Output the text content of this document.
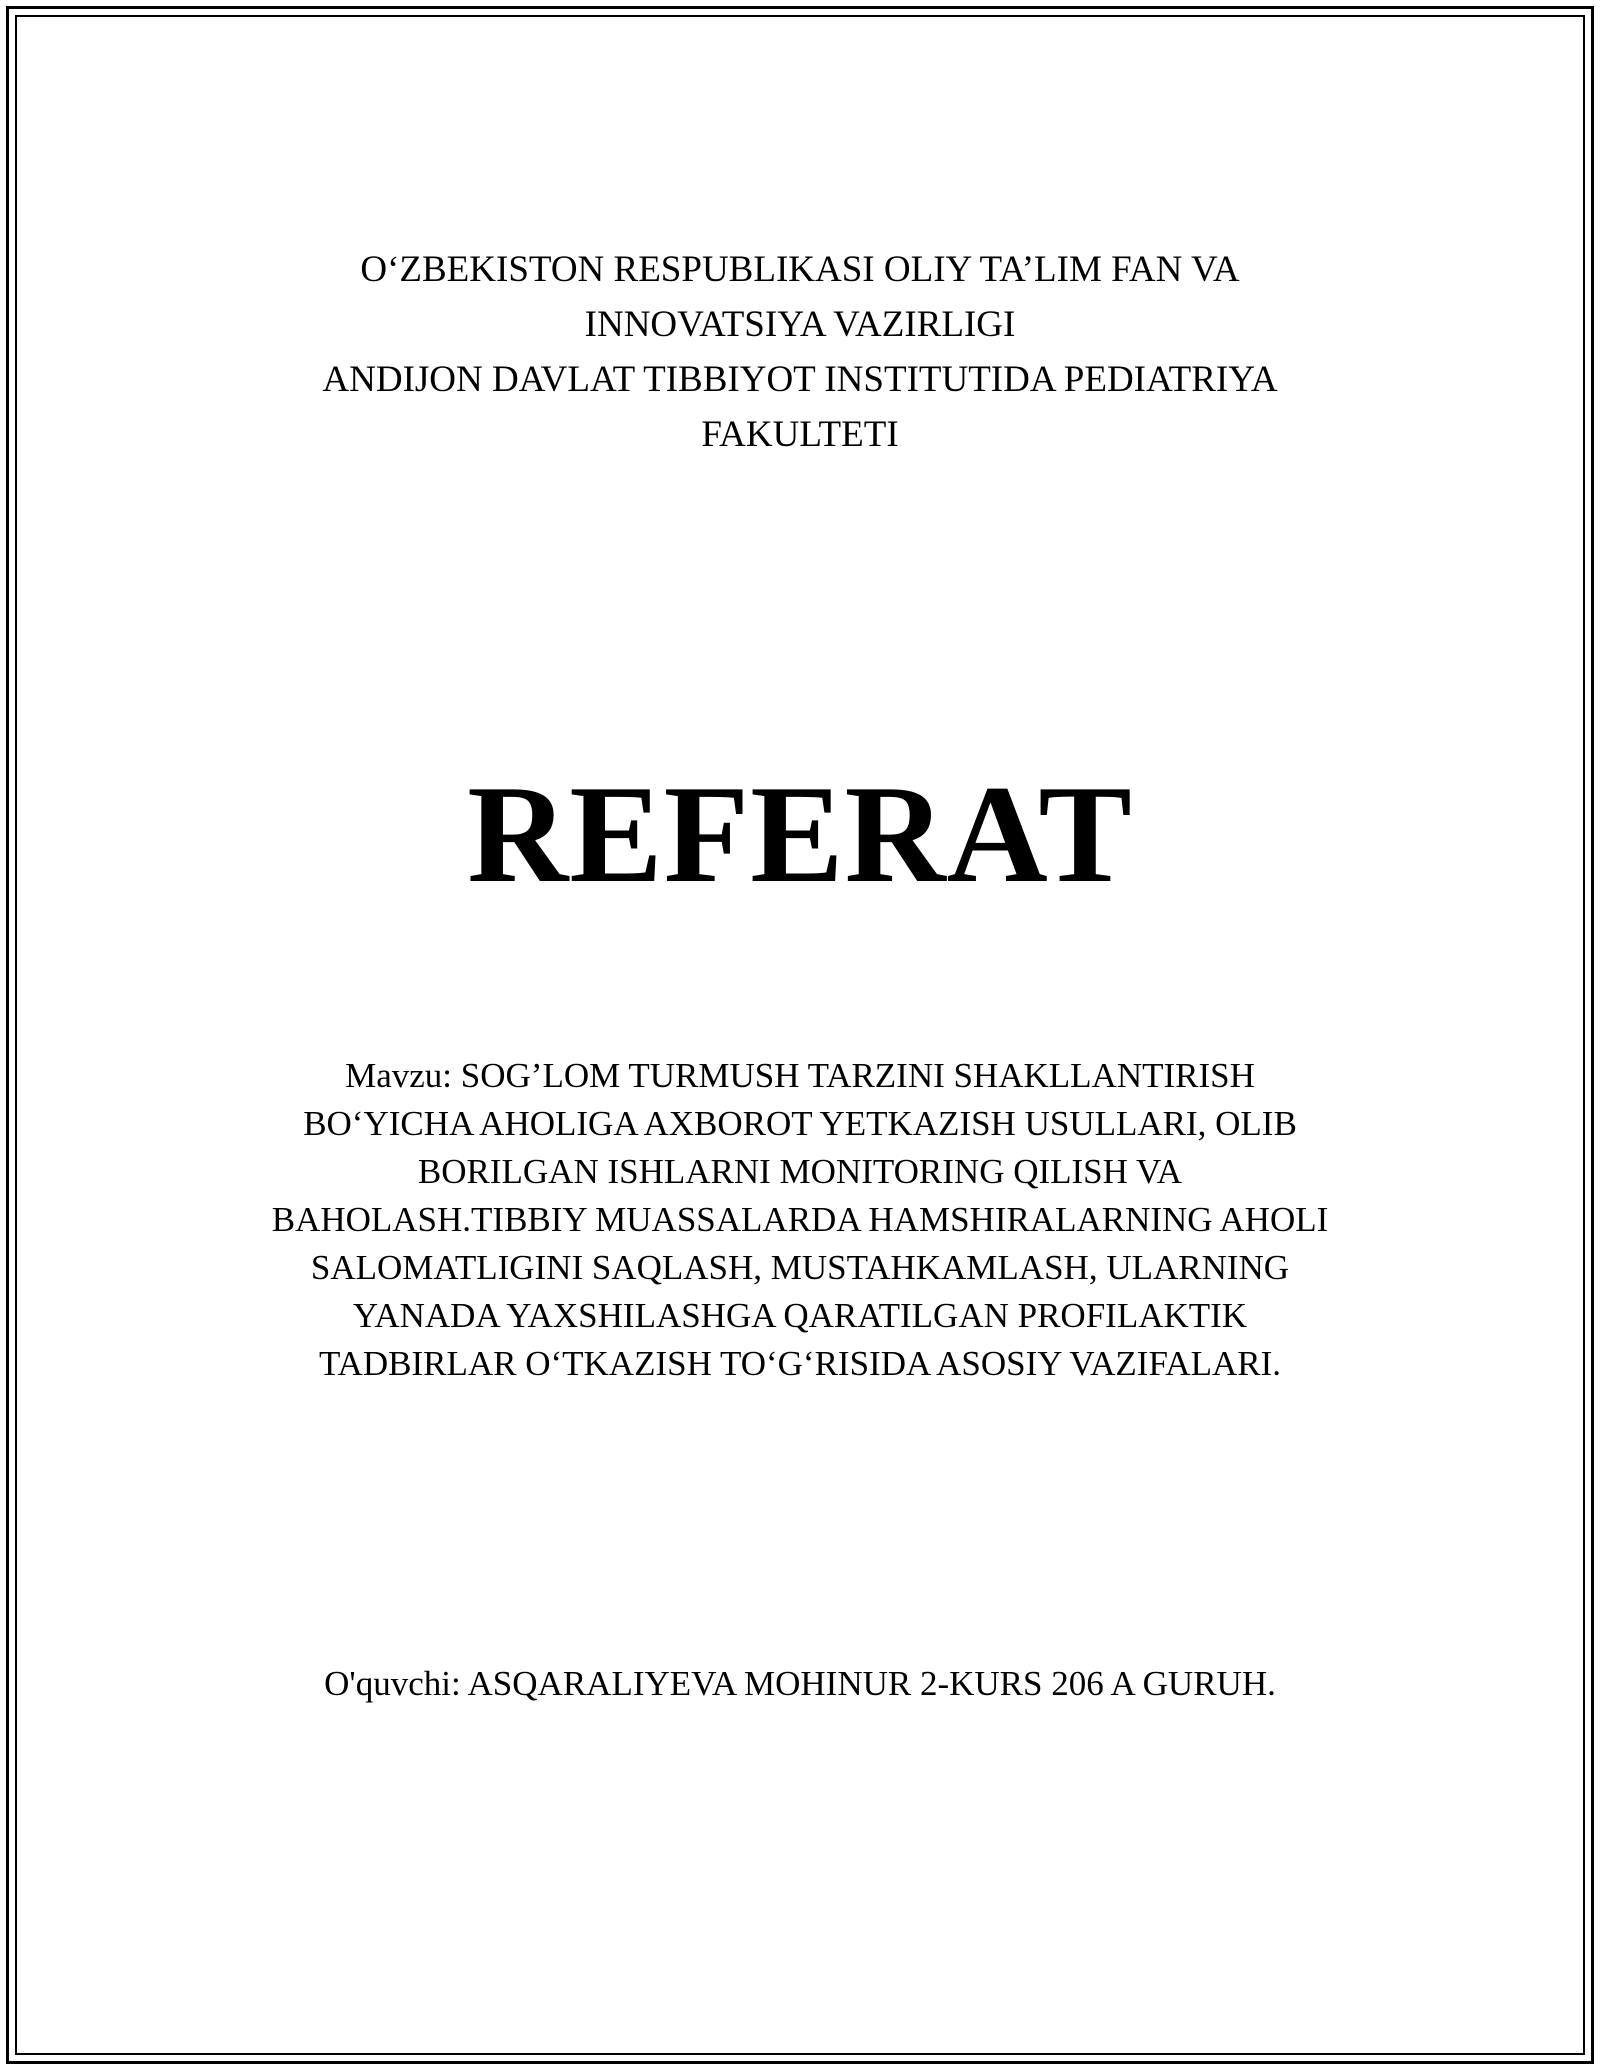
O‘ZBEKISTON RESPUBLIKASI OLIY TA’LIM FAN VA
INNOVATSIYA VAZIRLIGI
ANDIJON DAVLAT TIBBIYOT INSTITUTIDA PEDIATRIYA
FAKULTETI
REFERAT
Mavzu: SOG’LOM TURMUSH TARZINI SHAKLLANTIRISH
BO‘YICHA AHOLIGA AXBOROT YETKAZISH USULLARI, OLIB
BORILGAN ISHLARNI MONITORING QILISH VA
BAHOLASH.TIBBIY MUASSALARDA HAMSHIRALARNING AHOLI
SALOMATLIGINI SAQLASH, MUSTAHKAMLASH, ULARNING
YANADA YAXSHILASHGA QARATILGAN PROFILAKTIK
TADBIRLAR O‘TKAZISH TO‘G‘RISIDA ASOSIY VAZIFALARI.
O'quvchi: ASQARALIYEVA MOHINUR 2-KURS 206 A GURUH.
